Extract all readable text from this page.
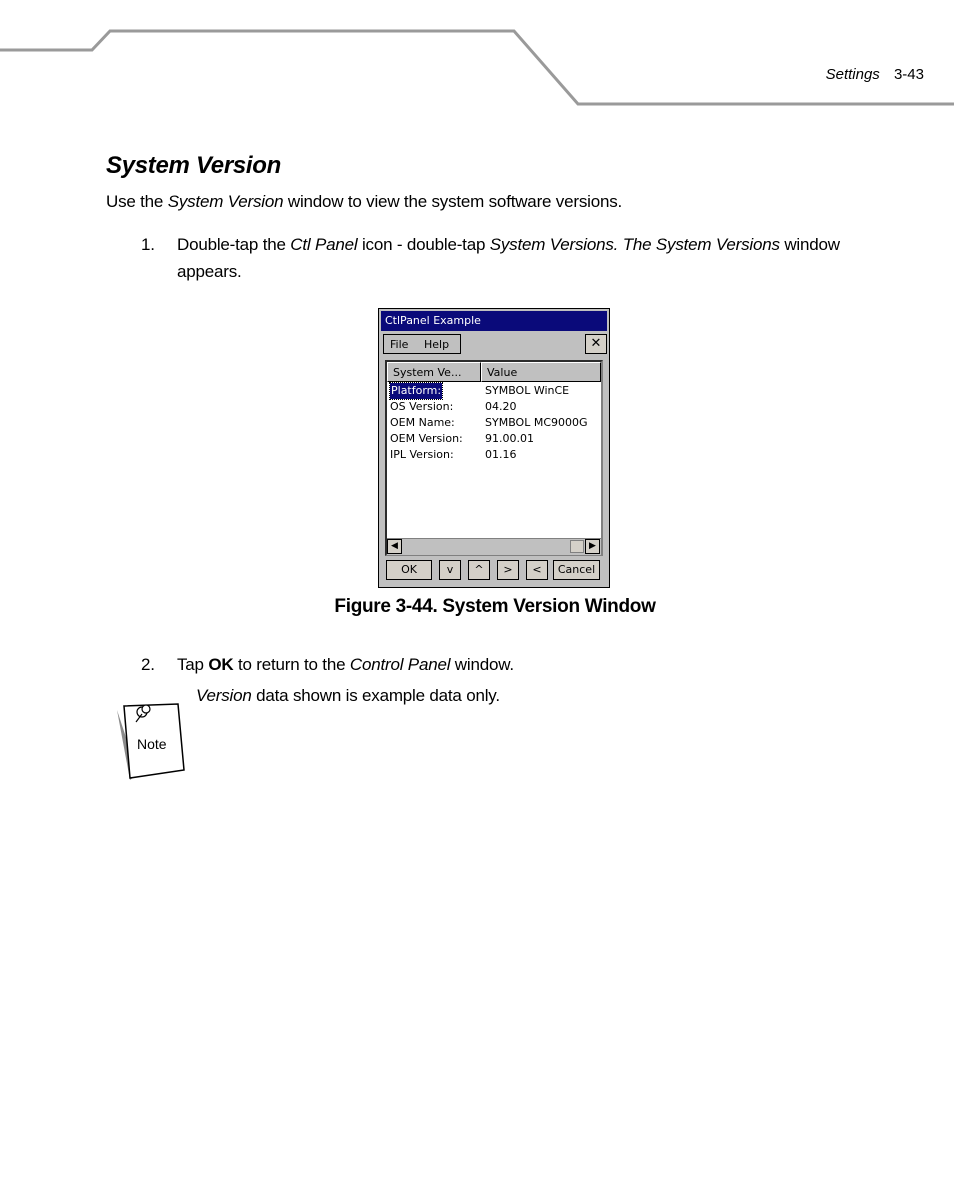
Settings 3-43
System Version
Use the System Version window to view the system software versions.
1. Double-tap the Ctl Panel icon - double-tap System Versions. The System Versions window appears.
CtlPanel Example
File Help	✕
System Ve...	Value
Platform:	SYMBOL WinCE
OS Version:	04.20
OEM Name:	SYMBOL MC9000G
OEM Version: 91.00.01
IPL Version:	01.16
◀	▶
OK	v	^	>	<	Cancel
Figure 3-44. System Version Window
2. Tap OK to return to the Control Panel window.
Version data shown is example data only.
Note
